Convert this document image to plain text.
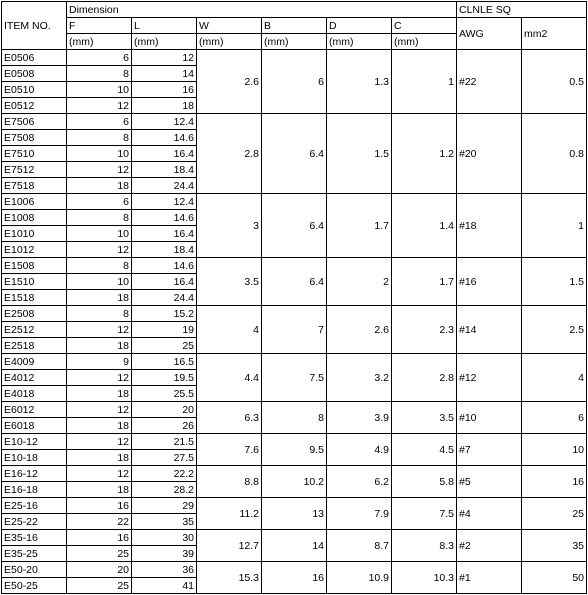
ITEM NO.	Dimension						CLNLE SQ	
	F	L	W	B	D	C	AWG	mm2
	(mm)	(mm)	(mm)	(mm)	(mm)	(mm)		
E0506	6	12	2.6	6	1.3	1	#22	0.5
E0508	8	14						
E0510	10	16						
E0512	12	18						
E7506	6	12.4	2.8	6.4	1.5	1.2	#20	0.8
E7508	8	14.6						
E7510	10	16.4						
E7512	12	18.4						
E7518	18	24.4						
E1006	6	12.4	3	6.4	1.7	1.4	#18	1
E1008	8	14.6						
E1010	10	16.4						
E1012	12	18.4						
E1508	8	14.6	3.5	6.4	2	1.7	#16	1.5
E1510	10	16.4						
E1518	18	24.4						
E2508	8	15.2	4	7	2.6	2.3	#14	2.5
E2512	12	19						
E2518	18	25						
E4009	9	16.5	4.4	7.5	3.2	2.8	#12	4
E4012	12	19.5						
E4018	18	25.5						
E6012	12	20	6.3	8	3.9	3.5	#10	6
E6018	18	26						
E10-12	12	21.5	7.6	9.5	4.9	4.5	#7	10
E10-18	18	27.5						
E16-12	12	22.2	8.8	10.2	6.2	5.8	#5	16
E16-18	18	28.2						
E25-16	16	29	11.2	13	7.9	7.5	#4	25
E25-22	22	35						
E35-16	16	30	12.7	14	8.7	8.3	#2	35
E35-25	25	39						
E50-20	20	36	15.3	16	10.9	10.3	#1	50
E50-25	25	41						
